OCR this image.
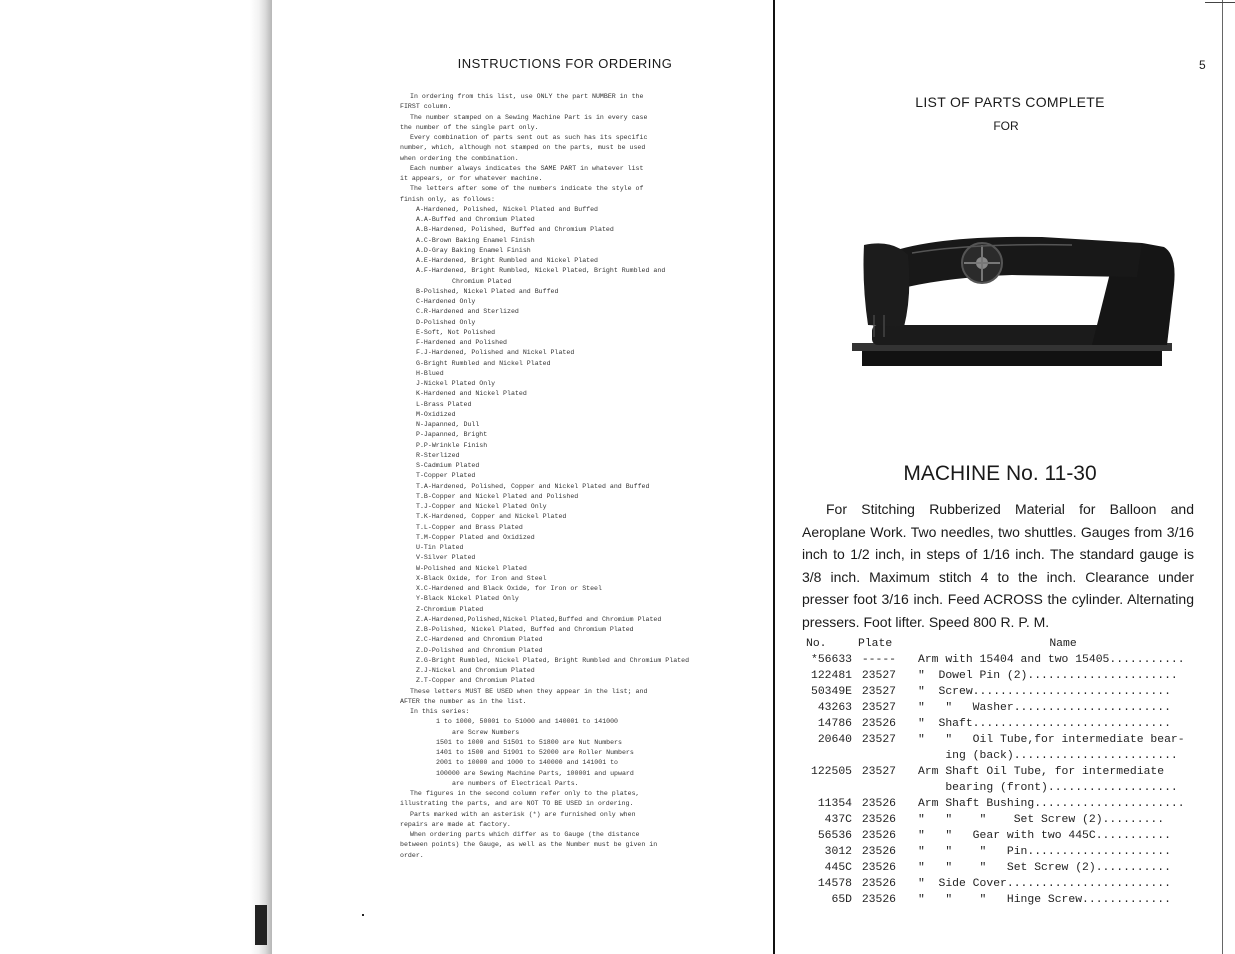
INSTRUCTIONS FOR ORDERING

In ordering from this list, use ONLY the part NUMBER in the

FIRST column.

The number stamped on a Sewing Machine Part is in every case

the number of the single part only.

Every combination of parts sent out as such has its specific

number, which, although not stamped on the parts, must be used

when ordering the combination.

Each number always indicates the SAME PART in whatever list

it appears, or for whatever machine.

The letters after some of the numbers indicate the style of

finish only, as follows:

A-Hardened, Polished, Nickel Plated and Buffed

A.A-Buffed and Chromium Plated

A.B-Hardened, Polished, Buffed and Chromium Plated

A.C-Brown Baking Enamel Finish

A.D-Gray Baking Enamel Finish

A.E-Hardened, Bright Rumbled and Nickel Plated

A.F-Hardened, Bright Rumbled, Nickel Plated, Bright Rumbled and

Chromium Plated

B-Polished, Nickel Plated and Buffed

C-Hardened Only

C.R-Hardened and Sterlized

D-Polished Only

E-Soft, Not Polished

F-Hardened and Polished

F.J-Hardened, Polished and Nickel Plated

G-Bright Rumbled and Nickel Plated

H-Blued

J-Nickel Plated Only

K-Hardened and Nickel Plated

L-Brass Plated

M-Oxidized

N-Japanned, Dull

P-Japanned, Bright

P.P-Wrinkle Finish

R-Sterlized

S-Cadmium Plated

T-Copper Plated

T.A-Hardened, Polished, Copper and Nickel Plated and Buffed

T.B-Copper and Nickel Plated and Polished

T.J-Copper and Nickel Plated Only

T.K-Hardened, Copper and Nickel Plated

T.L-Copper and Brass Plated

T.M-Copper Plated and Oxidized

U-Tin Plated

V-Silver Plated

W-Polished and Nickel Plated

X-Black Oxide, for Iron and Steel

X.C-Hardened and Black Oxide, for Iron or Steel

Y-Black Nickel Plated Only

Z-Chromium Plated

Z.A-Hardened,Polished,Nickel Plated,Buffed and Chromium Plated

Z.B-Polished, Nickel Plated, Buffed and Chromium Plated

Z.C-Hardened and Chromium Plated

Z.D-Polished and Chromium Plated

Z.G-Bright Rumbled, Nickel Plated, Bright Rumbled and Chromium Plated

Z.J-Nickel and Chromium Plated

Z.T-Copper and Chromium Plated

These letters MUST BE USED when they appear in the list; and

AFTER the number as in the list.

In this series:

1 to 1000, 50001 to 51000 and 140001 to 141000

are Screw Numbers

1501 to 1000 and 51501 to 51800 are Nut Numbers

1401 to 1500 and 51901 to 52000 are Roller Numbers

2001 to 10000 and 1000 to 140000 and 141001 to

100000 are Sewing Machine Parts, 100001 and upward

are numbers of Electrical Parts.

The figures in the second column refer only to the plates,

illustrating the parts, and are NOT TO BE USED in ordering.

Parts marked with an asterisk (*) are furnished only when

repairs are made at factory.

When ordering parts which differ as to Gauge (the distance

between points) the Gauge, as well as the Number must be given in

order.

5
LIST OF PARTS COMPLETE
FOR
MACHINE No. 11-30
For Stitching Rubberized Material for Balloon and Aeroplane Work. Two needles, two shuttles. Gauges from 3/16 inch to 1/2 inch, in steps of 1/16 inch. The standard gauge is 3/8 inch. Maximum stitch 4 to the inch. Clearance under presser foot 3/16 inch. Feed ACROSS the cylinder. Alternating pressers. Foot lifter. Speed 800 R. P. M.
No.	Plate	Name
*56633 -----	Arm with 15404 and two 15405...........
122481 23527	"  Dowel Pin (2)......................
50349E 23527	"  Screw.............................
43263 23527	"   "   Washer.......................
14786 23526	"  Shaft.............................
20640 23527	"   "   Oil Tube,for intermediate bear-
ing (back)........................
122505 23527	Arm Shaft Oil Tube, for intermediate
bearing (front)...................
11354 23526	Arm Shaft Bushing......................
437C 23526	"   "    "    Set Screw (2).........
56536 23526	"   "   Gear with two 445C...........
3012 23526	"   "    "   Pin.....................
445C 23526	"   "    "   Set Screw (2)...........
14578 23526	"  Side Cover........................
65D 23526	"   "    "   Hinge Screw.............
